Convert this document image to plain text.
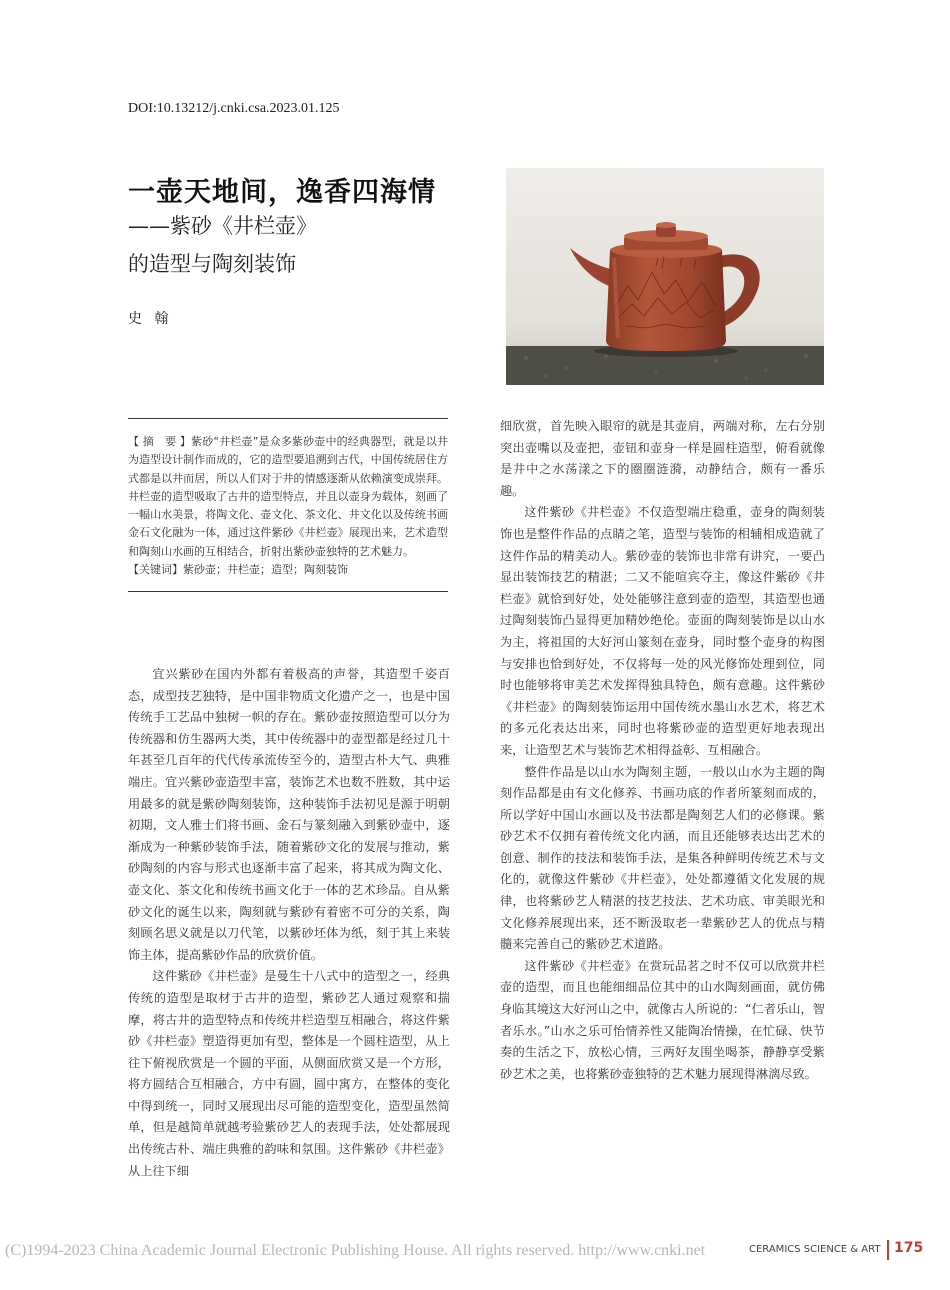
DOI:10.13212/j.cnki.csa.2023.01.125
一壶天地间，逸香四海情
——紫砂《井栏壶》
的造型与陶刻装饰
史 翰

【 摘　要 】紫砂“井栏壶”是众多紫砂壶中的经典器型，就是以井为造型设计制作而成的，它的造型要追溯到古代，中国传统居住方式都是以井而居，所以人们对于井的情感逐渐从依赖演变成崇拜。井栏壶的造型吸取了古井的造型特点，并且以壶身为载体，刻画了一幅山水美景，将陶文化、壶文化、茶文化、井文化以及传统书画金石文化融为一体，通过这件紫砂《井栏壶》展现出来，艺术造型和陶刻山水画的互相结合，折射出紫砂壶独特的艺术魅力。

【关键词】紫砂壶；井栏壶；造型；陶刻装饰

宜兴紫砂在国内外都有着极高的声誉，其造型千姿百态，成型技艺独特，是中国非物质文化遗产之一，也是中国传统手工艺品中独树一帜的存在。紫砂壶按照造型可以分为传统器和仿生器两大类，其中传统器中的壶型都是经过几十年甚至几百年的代代传承流传至今的，造型古朴大气、典雅端庄。宜兴紫砂壶造型丰富，装饰艺术也数不胜数，其中运用最多的就是紫砂陶刻装饰，这种装饰手法初见是源于明朝初期，文人雅士们将书画、金石与篆刻融入到紫砂壶中，逐渐成为一种紫砂装饰手法，随着紫砂文化的发展与推动，紫砂陶刻的内容与形式也逐渐丰富了起来，将其成为陶文化、壶文化、茶文化和传统书画文化于一体的艺术珍品。自从紫砂文化的诞生以来，陶刻就与紫砂有着密不可分的关系，陶刻顾名思义就是以刀代笔，以紫砂坯体为纸，刻于其上来装饰主体，提高紫砂作品的欣赏价值。

这件紫砂《井栏壶》是曼生十八式中的造型之一，经典传统的造型是取材于古井的造型，紫砂艺人通过观察和揣摩，将古井的造型特点和传统井栏造型互相融合，将这件紫砂《井栏壶》塑造得更加有型，整体是一个圆柱造型，从上往下俯视欣赏是一个圆的平面，从侧面欣赏又是一个方形，将方圆结合互相融合，方中有圆，圆中寓方，在整体的变化中得到统一，同时又展现出尽可能的造型变化，造型虽然简单，但是越简单就越考验紫砂艺人的表现手法，处处都展现出传统古朴、端庄典雅的韵味和氛围。这件紫砂《井栏壶》从上往下细

细欣赏，首先映入眼帘的就是其壶肩，两端对称，左右分别突出壶嘴以及壶把，壶钮和壶身一样是圆柱造型，俯看就像是井中之水荡漾之下的圈圈涟漪，动静结合，颇有一番乐趣。

这件紫砂《井栏壶》不仅造型端庄稳重，壶身的陶刻装饰也是整件作品的点睛之笔，造型与装饰的相辅相成造就了这件作品的精美动人。紫砂壶的装饰也非常有讲究，一要凸显出装饰技艺的精湛；二又不能喧宾夺主，像这件紫砂《井栏壶》就恰到好处，处处能够注意到壶的造型，其造型也通过陶刻装饰凸显得更加精妙绝伦。壶面的陶刻装饰是以山水为主，将祖国的大好河山篆刻在壶身，同时整个壶身的构图与安排也恰到好处，不仅将每一处的风光修饰处理到位，同时也能够将审美艺术发挥得独具特色，颇有意趣。这件紫砂《井栏壶》的陶刻装饰运用中国传统水墨山水艺术，将艺术的多元化表达出来，同时也将紫砂壶的造型更好地表现出来，让造型艺术与装饰艺术相得益彰、互相融合。

整件作品是以山水为陶刻主题，一般以山水为主题的陶刻作品都是由有文化修养、书画功底的作者所篆刻而成的，所以学好中国山水画以及书法都是陶刻艺人们的必修课。紫砂艺术不仅拥有着传统文化内涵，而且还能够表达出艺术的创意、制作的技法和装饰手法，是集各种鲜明传统艺术与文化的，就像这件紫砂《井栏壶》，处处都遵循文化发展的规律，也将紫砂艺人精湛的技艺技法、艺术功底、审美眼光和文化修养展现出来，还不断汲取老一辈紫砂艺人的优点与精髓来完善自己的紫砂艺术道路。

这件紫砂《井栏壶》在赏玩品茗之时不仅可以欣赏井栏壶的造型，而且也能细细品位其中的山水陶刻画面，就仿佛身临其境这大好河山之中，就像古人所说的：“仁者乐山，智者乐水。”山水之乐可怡情养性又能陶冶情操，在忙碌、快节奏的生活之下，放松心情，三两好友围坐喝茶，静静享受紫砂艺术之美，也将紫砂壶独特的艺术魅力展现得淋漓尽致。

(C)1994-2023 China Academic Journal Electronic Publishing House. All rights reserved. http://www.cnki.net	CERAMICS SCIENCE & ART 175
